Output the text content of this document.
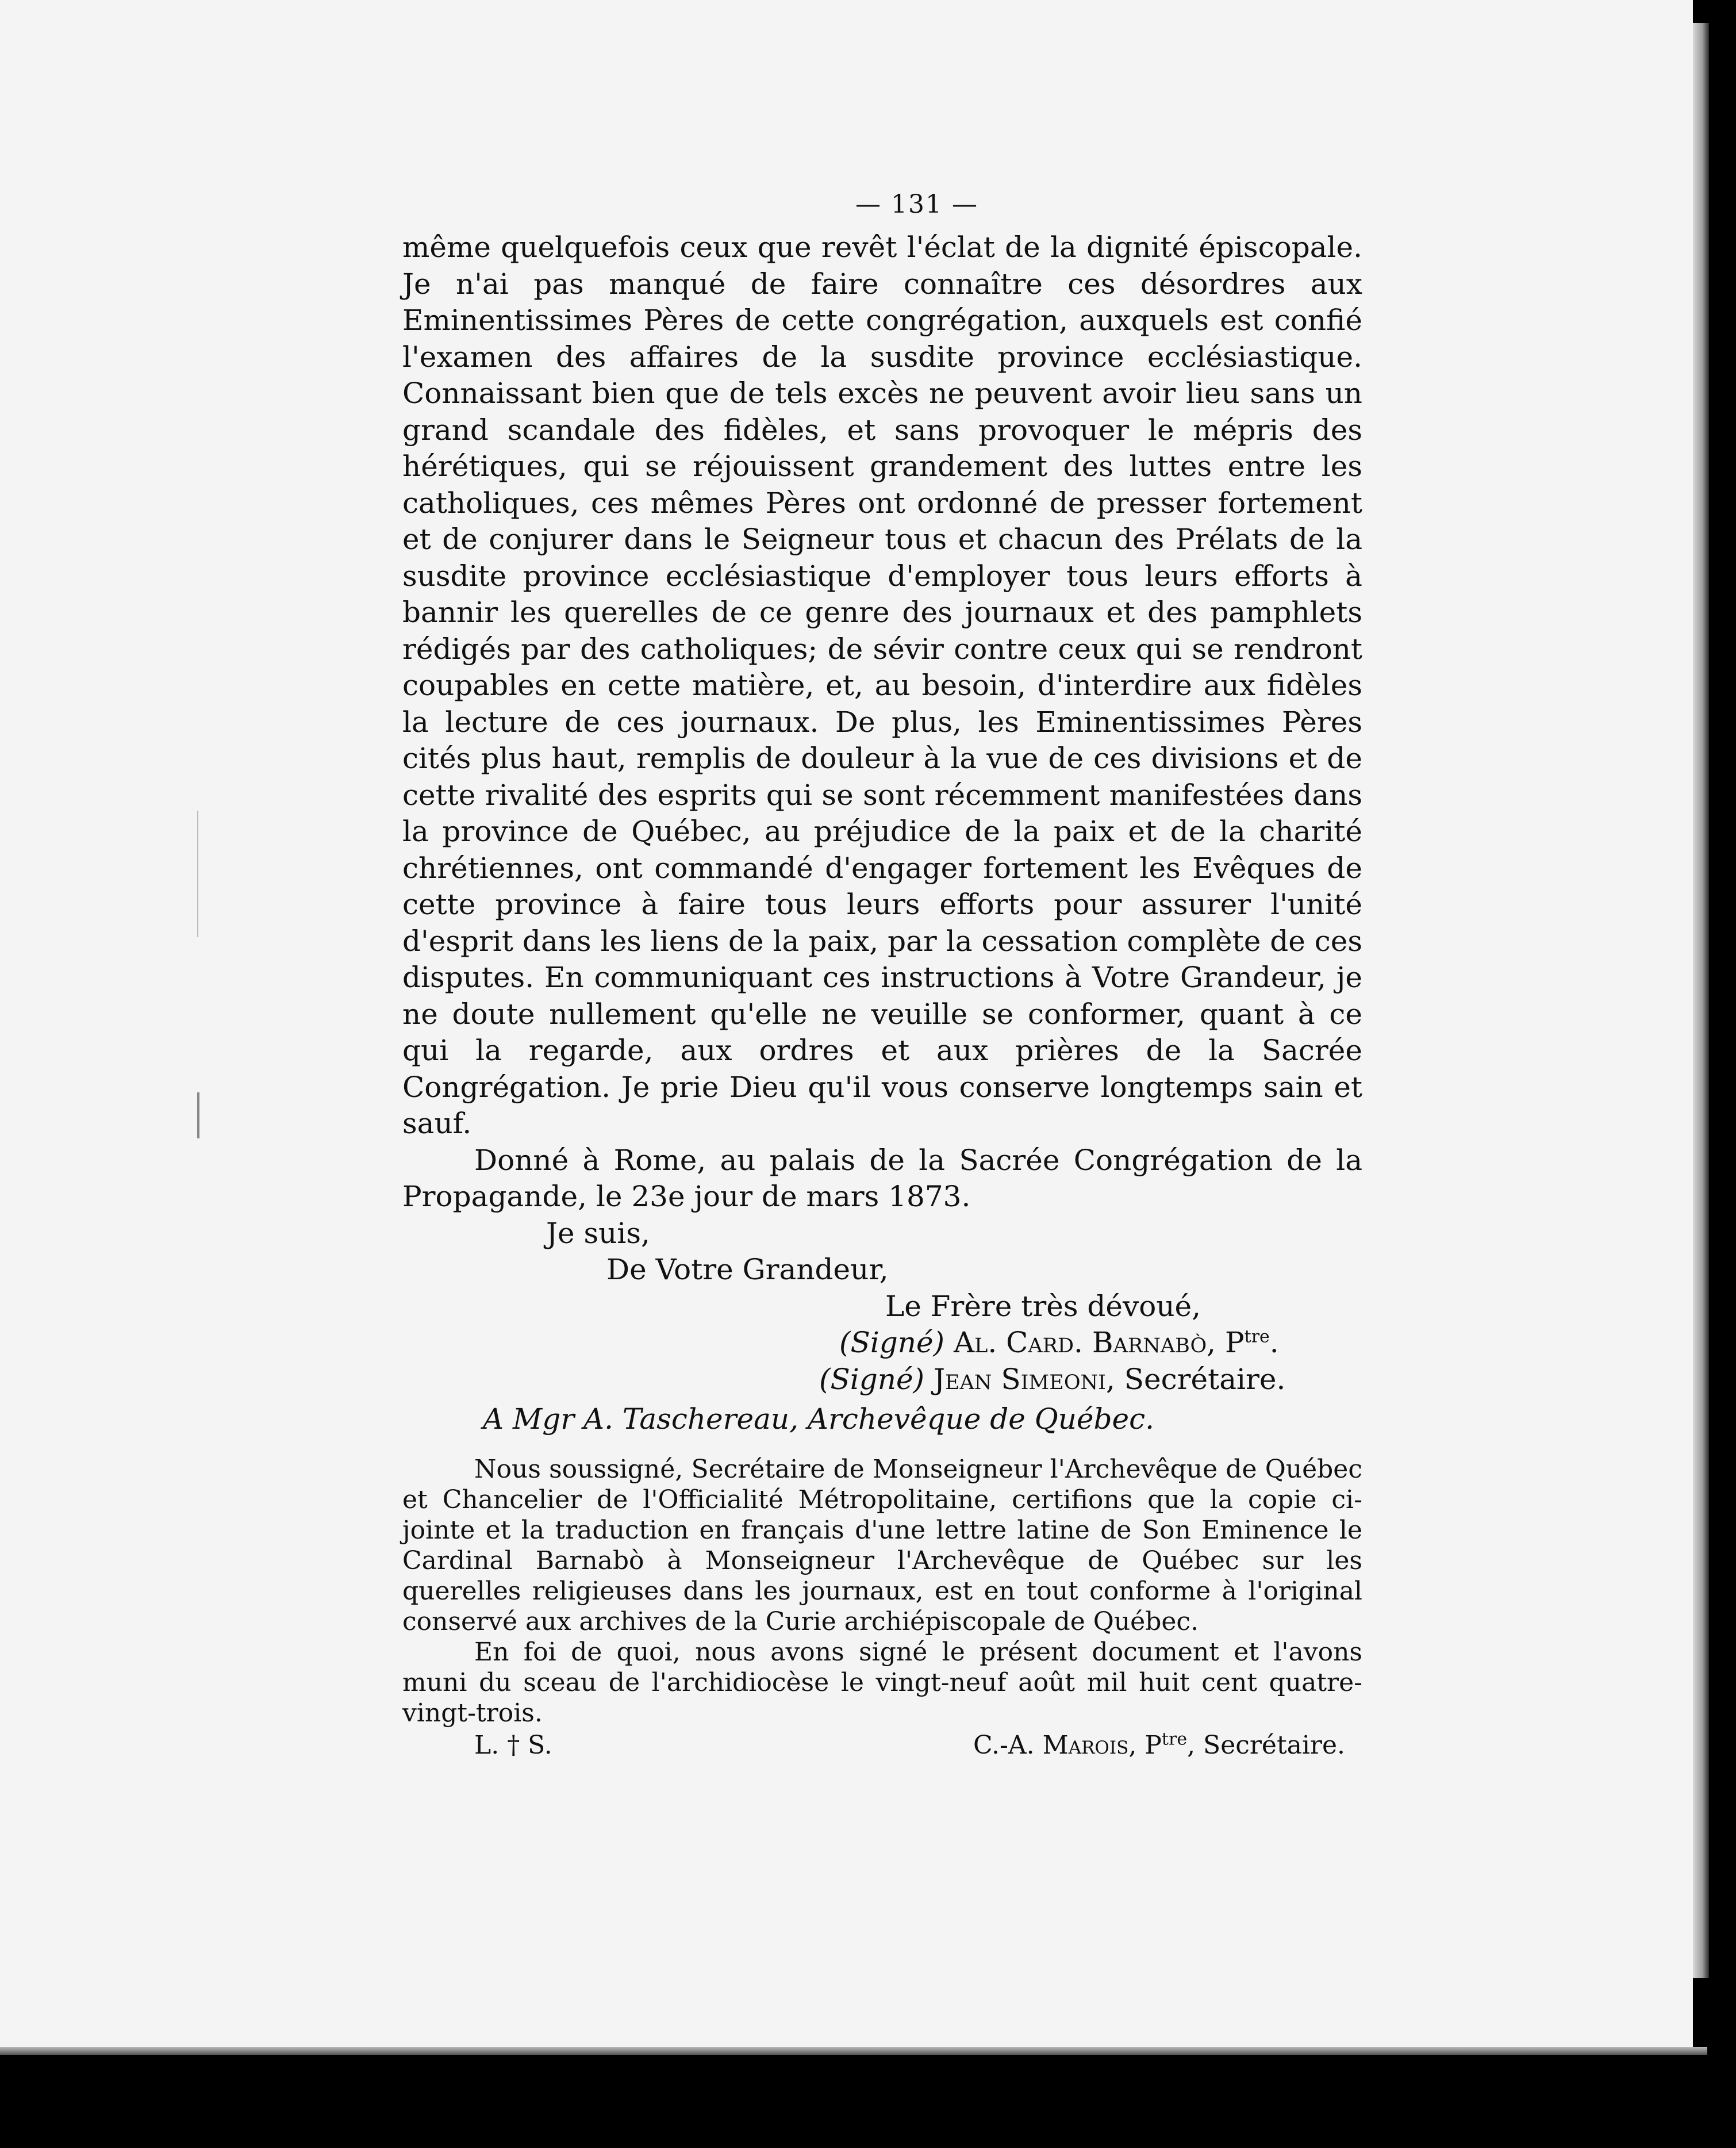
— 131 —

même quelquefois ceux que revêt l'éclat de la dignité épiscopale. Je n'ai pas manqué de faire connaître ces désordres aux Eminentissimes Pères de cette congrégation, auxquels est confié l'examen des affaires de la susdite province ecclésiastique. Connaissant bien que de tels excès ne peuvent avoir lieu sans un grand scandale des fidèles, et sans provoquer le mépris des hérétiques, qui se réjouissent grandement des luttes entre les catholiques, ces mêmes Pères ont ordonné de presser fortement et de conjurer dans le Seigneur tous et chacun des Prélats de la susdite province ecclésiastique d'employer tous leurs efforts à bannir les querelles de ce genre des journaux et des pamphlets rédigés par des catholiques; de sévir contre ceux qui se rendront coupables en cette matière, et, au besoin, d'interdire aux fidèles la lecture de ces journaux. De plus, les Eminentissimes Pères cités plus haut, remplis de douleur à la vue de ces divisions et de cette rivalité des esprits qui se sont récemment manifestées dans la province de Québec, au préjudice de la paix et de la charité chrétiennes, ont commandé d'engager fortement les Evêques de cette province à faire tous leurs efforts pour assurer l'unité d'esprit dans les liens de la paix, par la cessation complète de ces disputes. En communiquant ces instructions à Votre Grandeur, je ne doute nullement qu'elle ne veuille se conformer, quant à ce qui la regarde, aux ordres et aux prières de la Sacrée Congrégation. Je prie Dieu qu'il vous conserve longtemps sain et sauf.

Donné à Rome, au palais de la Sacrée Congrégation de la Propagande, le 23e jour de mars 1873.

Je suis,
De Votre Grandeur,
Le Frère très dévoué,
(Signé) Al. Card. Barnabò, $P^{tre}$.
(Signé) Jean Simeoni, Secrétaire.
A Mgr A. Taschereau, Archevêque de Québec.

Nous soussigné, Secrétaire de Monseigneur l'Archevêque de Québec et Chancelier de l'Officialité Métropolitaine, certifions que la copie ci-jointe et la traduction en français d'une lettre latine de Son Eminence le Cardinal Barnabò à Monseigneur l'Archevêque de Québec sur les querelles religieuses dans les journaux, est en tout conforme à l'original conservé aux archives de la Curie archiépiscopale de Québec.

En foi de quoi, nous avons signé le présent document et l'avons muni du sceau de l'archidiocèse le vingt-neuf août mil huit cent quatre-vingt-trois.

L. † S.	C.-A. Marois, $P^{tre}$, Secrétaire.
